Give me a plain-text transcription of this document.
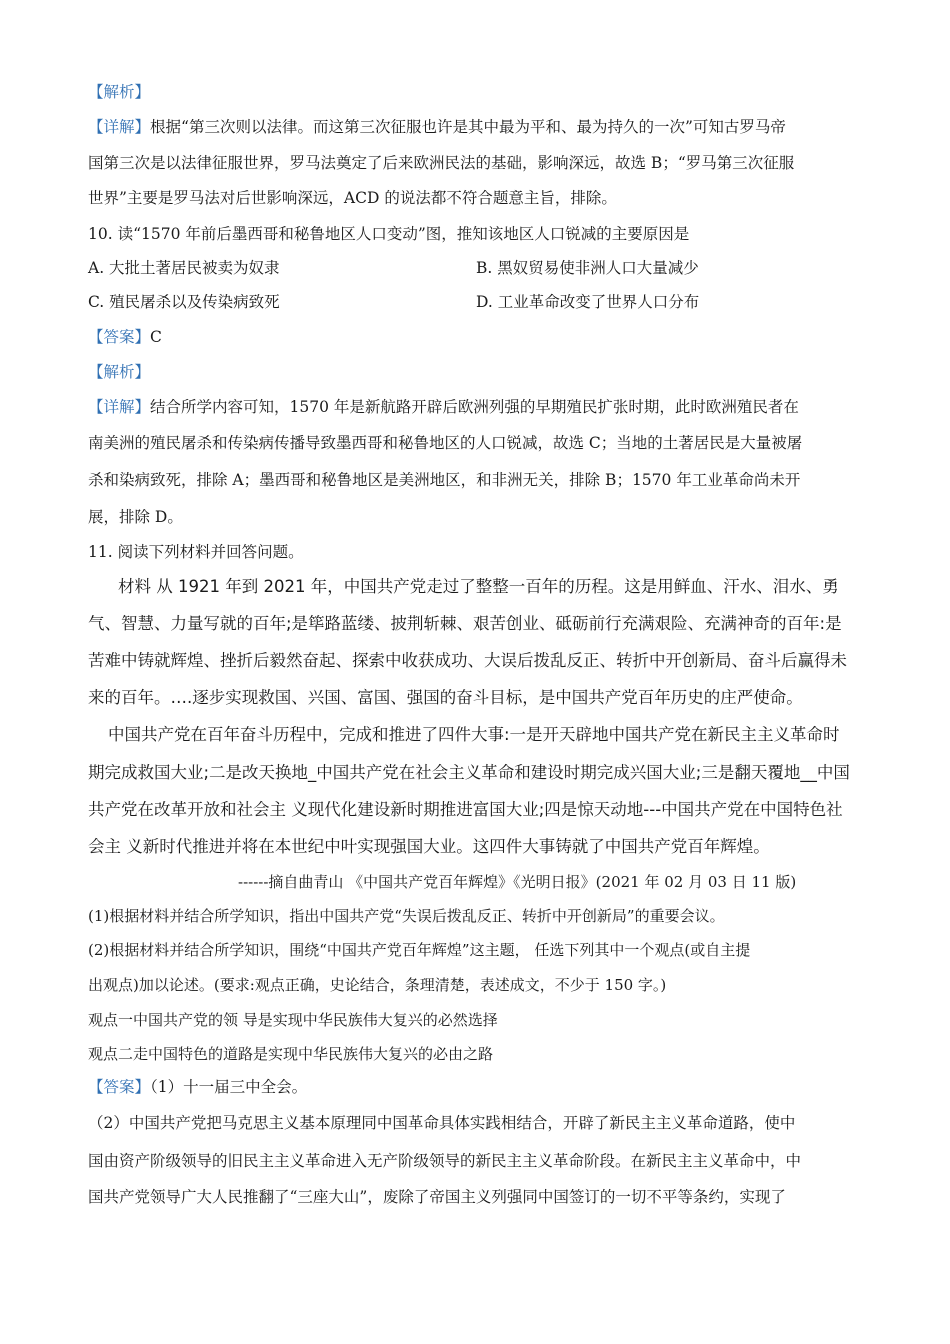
【解析】
【详解】根据“第三次则以法律。而这第三次征服也许是其中最为平和、最为持久的一次”可知古罗马帝
国第三次是以法律征服世界，罗马法奠定了后来欧洲民法的基础，影响深远，故选 B；“罗马第三次征服
世界”主要是罗马法对后世影响深远，ACD 的说法都不符合题意主旨，排除。
10. 读“1570 年前后墨西哥和秘鲁地区人口变动”图，推知该地区人口锐减的主要原因是
A. 大批土著居民被卖为奴隶	B. 黑奴贸易使非洲人口大量减少
C. 殖民屠杀以及传染病致死	D. 工业革命改变了世界人口分布
【答案】C
【解析】
【详解】结合所学内容可知，1570 年是新航路开辟后欧洲列强的早期殖民扩张时期，此时欧洲殖民者在
南美洲的殖民屠杀和传染病传播导致墨西哥和秘鲁地区的人口锐减，故选 C；当地的土著居民是大量被屠
杀和染病致死，排除 A；墨西哥和秘鲁地区是美洲地区，和非洲无关，排除 B；1570 年工业革命尚未开
展，排除 D。
11. 阅读下列材料并回答问题。
材料 从 1921 年到 2021 年，中国共产党走过了整整一百年的历程。这是用鲜血、汗水、泪水、勇
气、智慧、力量写就的百年;是筚路蓝缕、披荆斩棘、艰苦创业、砥砺前行充满艰险、充满神奇的百年:是
苦难中铸就辉煌、挫折后毅然奋起、探索中收获成功、大误后拨乱反正、转折中开创新局、奋斗后赢得未
来的百年。….逐步实现救国、兴国、富国、强国的奋斗目标，是中国共产党百年历史的庄严使命。
中国共产党在百年奋斗历程中，完成和推进了四件大事:一是开天辟地中国共产党在新民主主义革命时
期完成救国大业;二是改天换地_中国共产党在社会主义革命和建设时期完成兴国大业;三是翻天覆地__中国
共产党在改革开放和社会主 义现代化建设新时期推进富国大业;四是惊天动地---中国共产党在中国特色社
会主 义新时代推进并将在本世纪中叶实现强国大业。这四件大事铸就了中国共产党百年辉煌。
------摘自曲青山 《中国共产党百年辉煌》《光明日报》(2021 年 02 月 03 日 11 版)
(1)根据材料并结合所学知识，指出中国共产党“失误后拨乱反正、转折中开创新局”的重要会议。
(2)根据材料并结合所学知识，围绕“中国共产党百年辉煌”这主题， 任选下列其中一个观点(或自主提
出观点)加以论述。(要求:观点正确，史论结合，条理清楚，表述成文，不少于 150 字。)
观点一中国共产党的领 导是实现中华民族伟大复兴的必然选择
观点二走中国特色的道路是实现中华民族伟大复兴的必由之路
【答案】（1）十一届三中全会。
（2）中国共产党把马克思主义基本原理同中国革命具体实践相结合，开辟了新民主主义革命道路，使中
国由资产阶级领导的旧民主主义革命进入无产阶级领导的新民主主义革命阶段。在新民主主义革命中，中
国共产党领导广大人民推翻了“三座大山”，废除了帝国主义列强同中国签订的一切不平等条约，实现了
